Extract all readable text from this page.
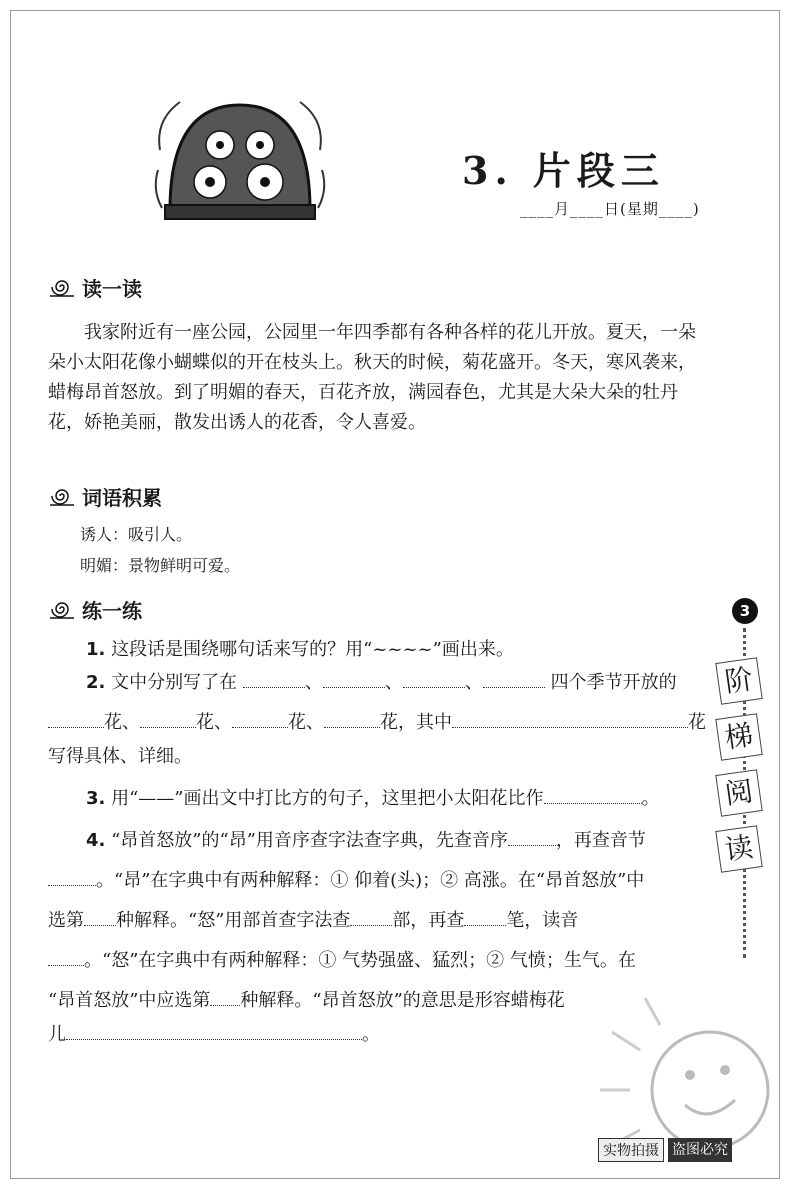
3. 片段三
____月____日(星期____)
读一读
我家附近有一座公园，公园里一年四季都有各种各样的花儿开放。夏天，一朵朵小太阳花像小蝴蝶似的开在枝头上。秋天的时候，菊花盛开。冬天，寒风袭来，蜡梅昂首怒放。到了明媚的春天，百花齐放，满园春色，尤其是大朵大朵的牡丹花，娇艳美丽，散发出诱人的花香，令人喜爱。
词语积累
诱人：吸引人。
明媚：景物鲜明可爱。
练一练
1. 这段话是围绕哪句话来写的？用“~~~~”画出来。
2. 文中分别写了在	、	、	、	四个季节开放的
花、	花、	花、	花，其中	花
写得具体、详细。
3. 用“——”画出文中打比方的句子，这里把小太阳花比作	。
4. “昂首怒放”的“昂”用音序查字法查字典，先查音序	，再查音节
。“昂”在字典中有两种解释：① 仰着(头)；② 高涨。在“昂首怒放”中
选第 种解释。“怒”用部首查字法查 部，再查 笔，读音
。“怒”在字典中有两种解释：① 气势强盛、猛烈；② 气愤；生气。在
“昂首怒放”中应选第 种解释。“昂首怒放”的意思是形容蜡梅花
儿	。
3
阶
梯
阅
读
实物拍摄 盗图必究
